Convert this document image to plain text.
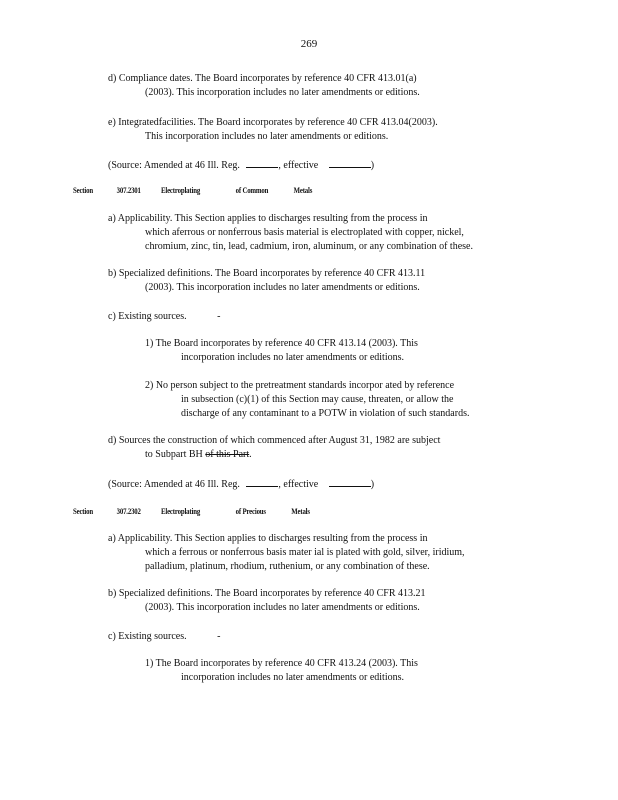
269
d) Compliance dates. The Board incorporates by reference 40 CFR 413.01(a)
(2003). This incorporation includes no later amendments or editions.
e) Integratedfacilities. The Board incorporates by reference 40 CFR 413.04(2003).
This incorporation includes no later amendments or editions.
(Source: Amended at 46 Ill. Reg.	, effective	)
Section	307.2301	Electroplating	of Common	Metals
a) Applicability. This Section applies to discharges resulting from the process in
which aferrous or nonferrous basis material is electroplated with copper, nickel,
chromium, zinc, tin, lead, cadmium, iron, aluminum, or any combination of these.
b) Specialized definitions. The Board incorporates by reference 40 CFR 413.11
(2003). This incorporation includes no later amendments or editions.
c) Existing sources.	-
1) The Board incorporates by reference 40 CFR 413.14 (2003). This
incorporation includes no later amendments or editions.
2) No person subject to the pretreatment standards incorpor ated by reference
in subsection (c)(1) of this Section may cause, threaten, or allow the
discharge of any contaminant to a POTW in violation of such standards.
d) Sources the construction of which commenced after August 31, 1982 are subject
to Subpart BH of this Part.
(Source: Amended at 46 Ill. Reg.	, effective	)
Section	307.2302	Electroplating	of Precious	Metals
a) Applicability. This Section applies to discharges resulting from the process in
which a ferrous or nonferrous basis mater ial is plated with gold, silver, iridium,
palladium, platinum, rhodium, ruthenium, or any combination of these.
b) Specialized definitions. The Board incorporates by reference 40 CFR 413.21
(2003). This incorporation includes no later amendments or editions.
c) Existing sources.	-
1) The Board incorporates by reference 40 CFR 413.24 (2003). This
incorporation includes no later amendments or editions.
